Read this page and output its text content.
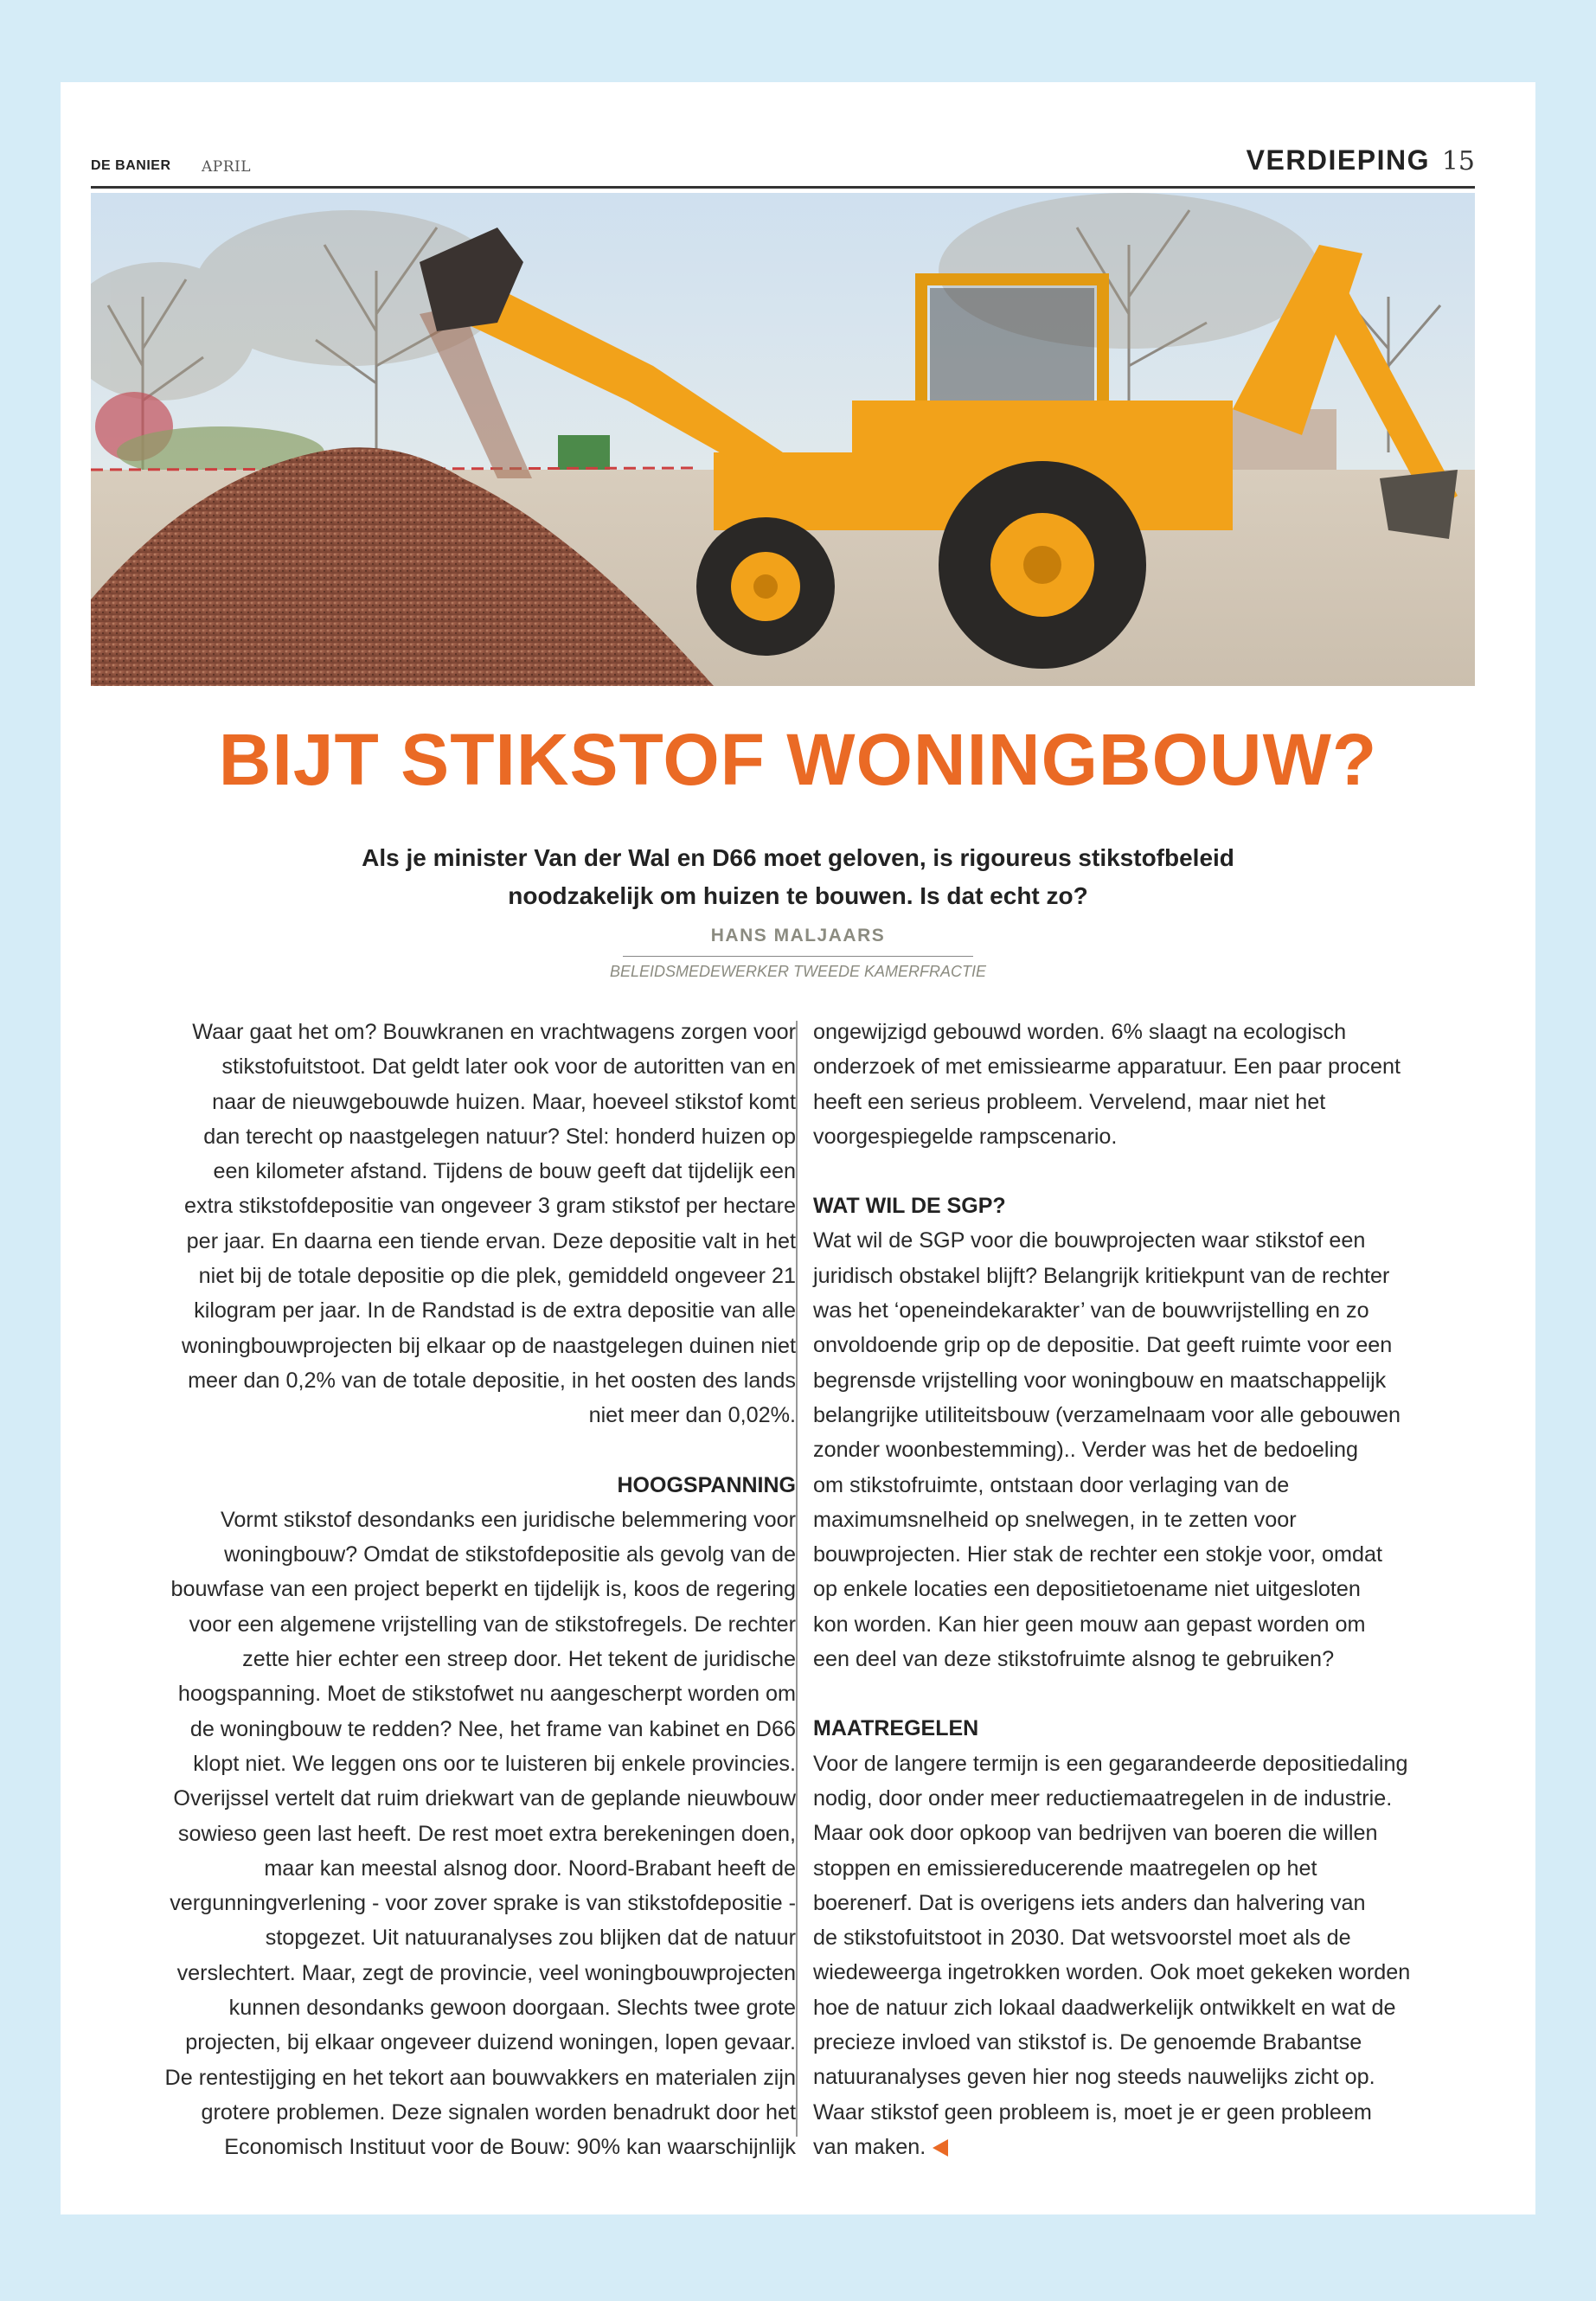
DE BANIER APRIL	VERDIEPING 15
BIJT STIKSTOF WONINGBOUW?
Als je minister Van der Wal en D66 moet geloven, is rigoureus stikstofbeleid
noodzakelijk om huizen te bouwen. Is dat echt zo?
HANS MALJAARS
BELEIDSMEDEWERKER TWEEDE KAMERFRACTIE

Waar gaat het om? Bouwkranen en vrachtwagens zorgen voor
stikstofuitstoot. Dat geldt later ook voor de autoritten van en
naar de nieuwgebouwde huizen. Maar, hoeveel stikstof komt
dan terecht op naastgelegen natuur? Stel: honderd huizen op
een kilometer afstand. Tijdens de bouw geeft dat tijdelijk een
extra stikstofdepositie van ongeveer 3 gram stikstof per hectare
per jaar. En daarna een tiende ervan. Deze depositie valt in het
niet bij de totale depositie op die plek, gemiddeld ongeveer 21
kilogram per jaar. In de Randstad is de extra depositie van alle
woningbouwprojecten bij elkaar op de naastgelegen duinen niet
meer dan 0,2% van de totale depositie, in het oosten des lands
niet meer dan 0,02%.

HOOGSPANNING

Vormt stikstof desondanks een juridische belemmering voor
woningbouw? Omdat de stikstofdepositie als gevolg van de
bouwfase van een project beperkt en tijdelijk is, koos de regering
voor een algemene vrijstelling van de stikstofregels. De rechter
zette hier echter een streep door. Het tekent de juridische
hoogspanning. Moet de stikstofwet nu aangescherpt worden om
de woningbouw te redden? Nee, het frame van kabinet en D66
klopt niet. We leggen ons oor te luisteren bij enkele provincies.
Overijssel vertelt dat ruim driekwart van de geplande nieuwbouw
sowieso geen last heeft. De rest moet extra berekeningen doen,
maar kan meestal alsnog door. Noord-Brabant heeft de
vergunningverlening - voor zover sprake is van stikstofdepositie -
stopgezet. Uit natuuranalyses zou blijken dat de natuur
verslechtert. Maar, zegt de provincie, veel woningbouwprojecten
kunnen desondanks gewoon doorgaan. Slechts twee grote
projecten, bij elkaar ongeveer duizend woningen, lopen gevaar.
De rentestijging en het tekort aan bouwvakkers en materialen zijn
grotere problemen. Deze signalen worden benadrukt door het
Economisch Instituut voor de Bouw: 90% kan waarschijnlijk

ongewijzigd gebouwd worden. 6% slaagt na ecologisch
onderzoek of met emissiearme apparatuur. Een paar procent
heeft een serieus probleem. Vervelend, maar niet het
voorgespiegelde rampscenario.

WAT WIL DE SGP?

Wat wil de SGP voor die bouwprojecten waar stikstof een
juridisch obstakel blijft? Belangrijk kritiekpunt van de rechter
was het ‘openeindekarakter’ van de bouwvrijstelling en zo
onvoldoende grip op de depositie. Dat geeft ruimte voor een
begrensde vrijstelling voor woningbouw en maatschappelijk
belangrijke utiliteitsbouw (verzamelnaam voor alle gebouwen
zonder woonbestemming).. Verder was het de bedoeling
om stikstofruimte, ontstaan door verlaging van de
maximumsnelheid op snelwegen, in te zetten voor
bouwprojecten. Hier stak de rechter een stokje voor, omdat
op enkele locaties een depositietoename niet uitgesloten
kon worden. Kan hier geen mouw aan gepast worden om
een deel van deze stikstofruimte alsnog te gebruiken?

MAATREGELEN

Voor de langere termijn is een gegarandeerde depositiedaling
nodig, door onder meer reductiemaatregelen in de industrie.
Maar ook door opkoop van bedrijven van boeren die willen
stoppen en emissiereducerende maatregelen op het
boerenerf. Dat is overigens iets anders dan halvering van
de stikstofuitstoot in 2030. Dat wetsvoorstel moet als de
wiedeweerga ingetrokken worden. Ook moet gekeken worden
hoe de natuur zich lokaal daadwerkelijk ontwikkelt en wat de
precieze invloed van stikstof is. De genoemde Brabantse
natuuranalyses geven hier nog steeds nauwelijks zicht op.
Waar stikstof geen probleem is, moet je er geen probleem
van maken.
